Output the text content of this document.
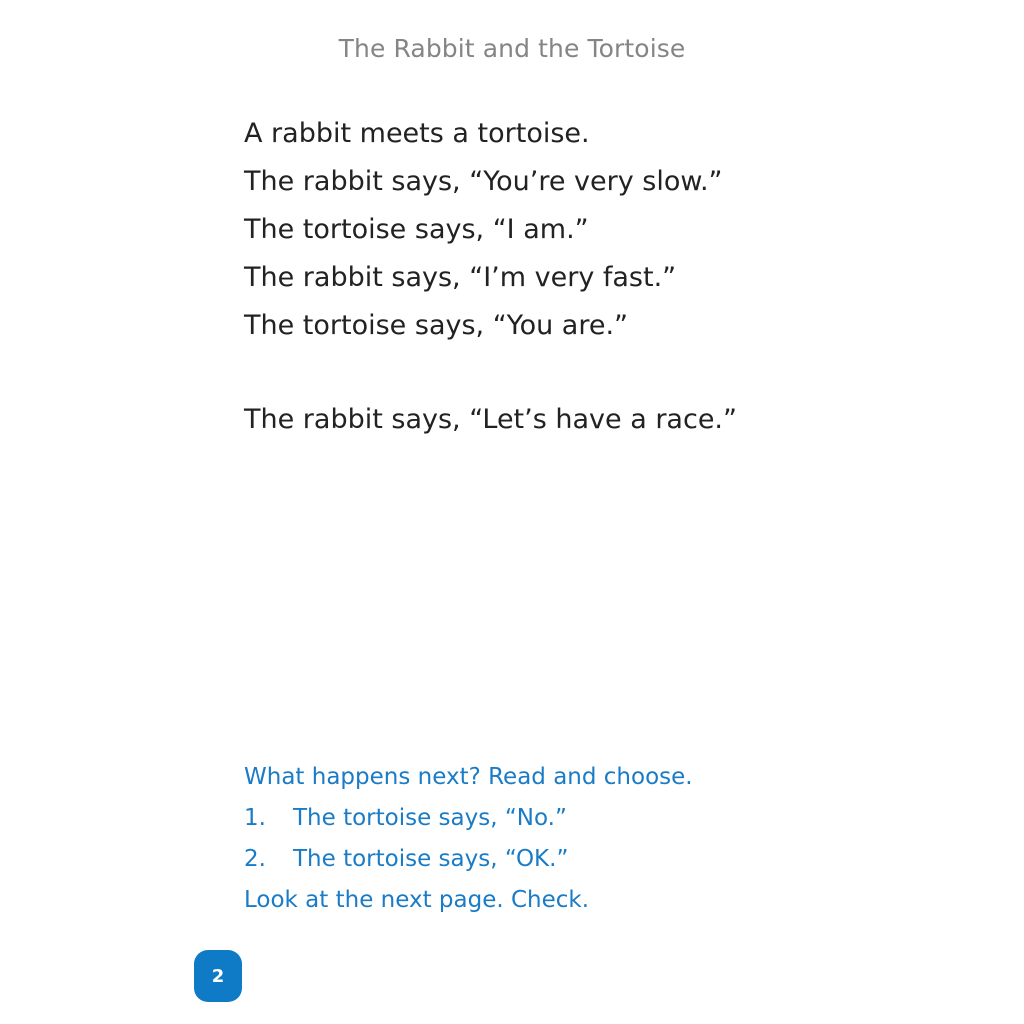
The Rabbit and the Tortoise
A rabbit meets a tortoise.
The rabbit says, “You’re very slow.”
The tortoise says, “I am.”
The rabbit says, “I’m very fast.”
The tortoise says, “You are.”
The rabbit says, “Let’s have a race.”
What happens next? Read and choose.
1.	The tortoise says, “No.”
2.	The tortoise says, “OK.”
Look at the next page. Check.
2
